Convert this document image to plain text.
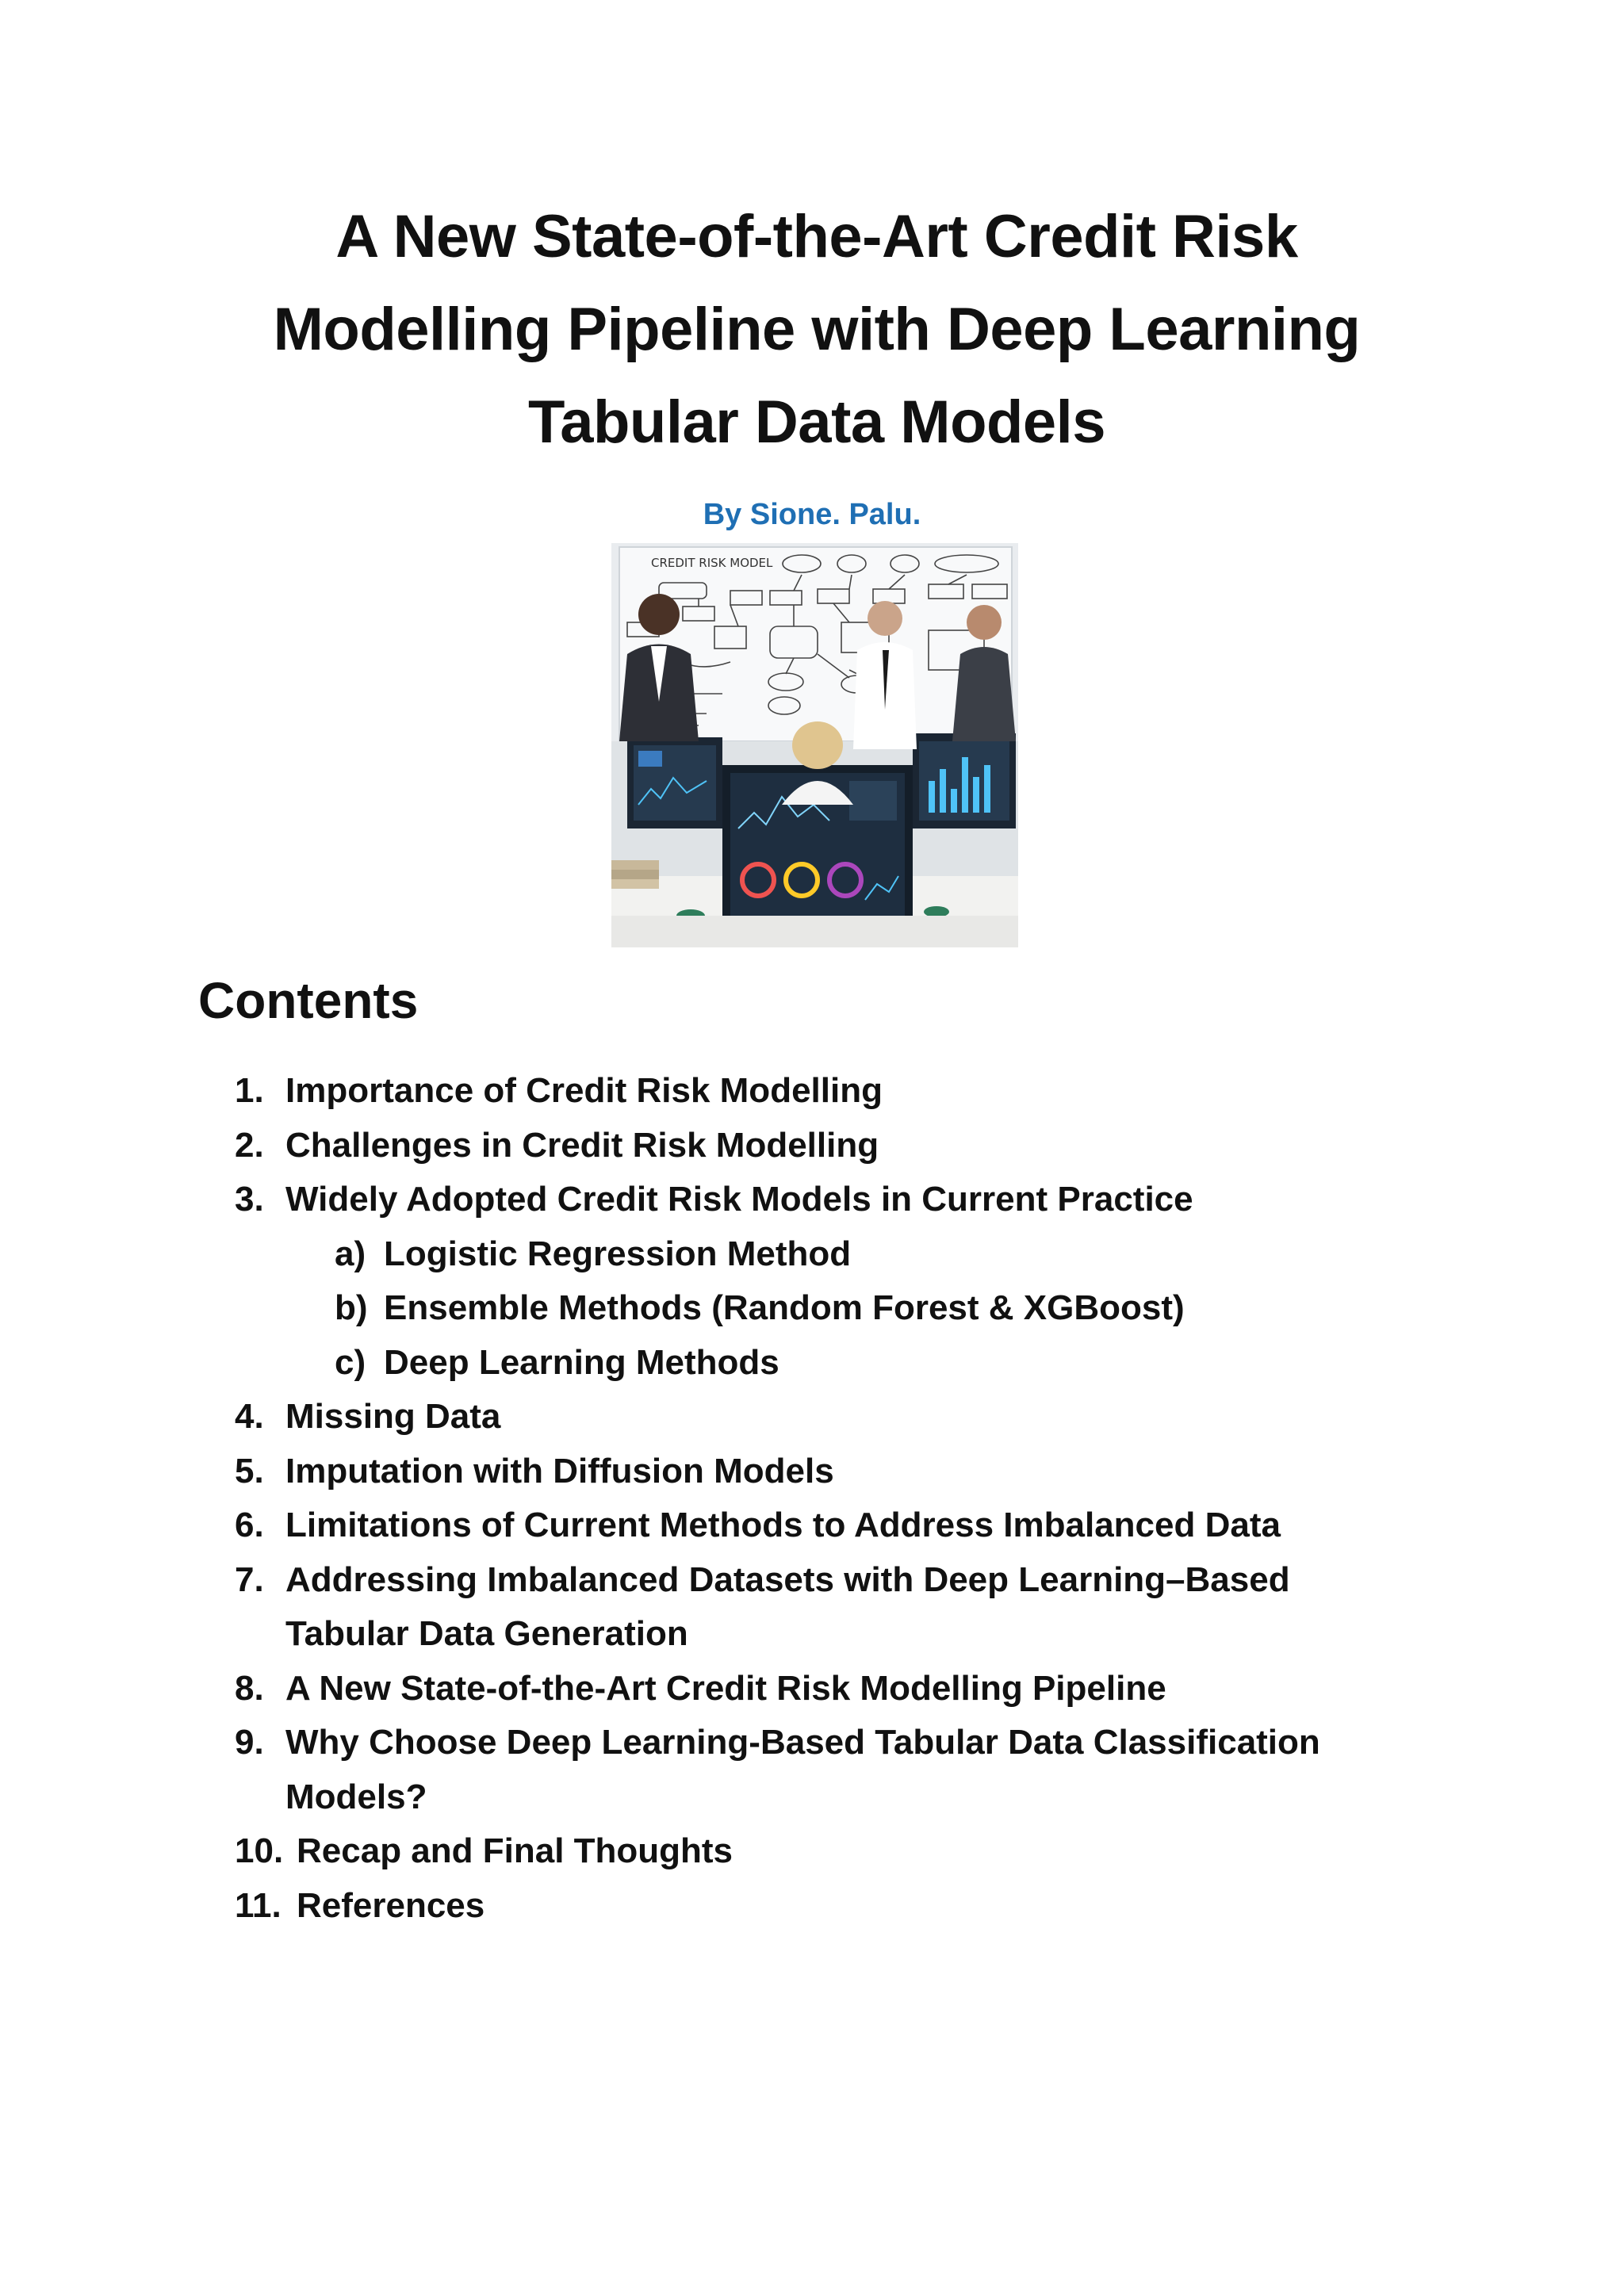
A New State-of-the-Art Credit Risk
Modelling Pipeline with Deep Learning
Tabular Data Models
By Sione. Palu.
CREDIT RISK MODEL
Contents
1. Importance of Credit Risk Modelling
2. Challenges in Credit Risk Modelling
3. Widely Adopted Credit Risk Models in Current Practice
a) Logistic Regression Method
b) Ensemble Methods (Random Forest & XGBoost)
c) Deep Learning Methods
4. Missing Data
5. Imputation with Diffusion Models
6. Limitations of Current Methods to Address Imbalanced Data
7. Addressing Imbalanced Datasets with Deep Learning–Based Tabular Data Generation
8. A New State-of-the-Art Credit Risk Modelling Pipeline
9. Why Choose Deep Learning-Based Tabular Data Classification Models?
10. Recap and Final Thoughts
11. References
